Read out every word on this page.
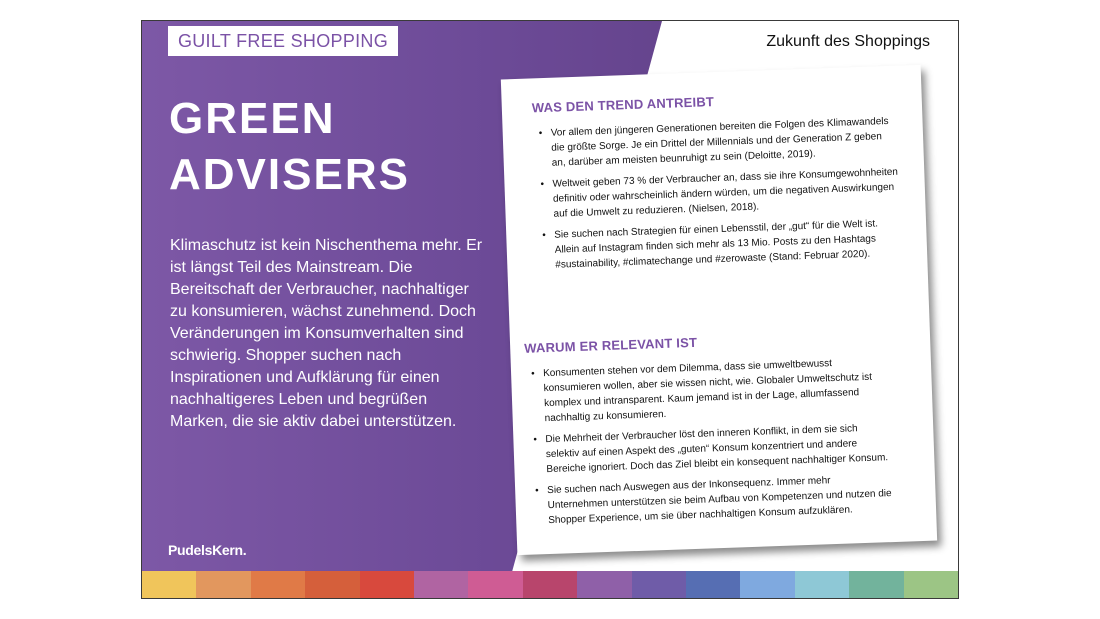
GUILT FREE SHOPPING	Zukunft des Shoppings
GREEN
ADVISERS

Klimaschutz ist kein Nischenthema mehr. Er ist längst Teil des Mainstream. Die Bereitschaft der Verbraucher, nachhaltiger zu konsumieren, wächst zunehmend. Doch Veränderungen im Konsumverhalten sind schwierig. Shopper suchen nach Inspirationen und Aufklärung für einen nachhaltigeres Leben und begrüßen Marken, die sie aktiv dabei unterstützen.

PudelsKern.
WAS DEN TREND ANTREIBT
• Vor allem den jüngeren Generationen bereiten die Folgen des Klimawandels die größte Sorge. Je ein Drittel der Millennials und der Generation Z geben an, darüber am meisten beunruhigt zu sein (Deloitte, 2019).
• Weltweit geben 73 % der Verbraucher an, dass sie ihre Konsumgewohnheiten definitiv oder wahrscheinlich ändern würden, um die negativen Auswirkungen auf die Umwelt zu reduzieren. (Nielsen, 2018).
• Sie suchen nach Strategien für einen Lebensstil, der „gut“ für die Welt ist. Allein auf Instagram finden sich mehr als 13 Mio. Posts zu den Hashtags #sustainability, #climatechange und #zerowaste (Stand: Februar 2020).
WARUM ER RELEVANT IST
• Konsumenten stehen vor dem Dilemma, dass sie umweltbewusst konsumieren wollen, aber sie wissen nicht, wie. Globaler Umweltschutz ist komplex und intransparent. Kaum jemand ist in der Lage, allumfassend nachhaltig zu konsumieren.
• Die Mehrheit der Verbraucher löst den inneren Konflikt, in dem sie sich selektiv auf einen Aspekt des „guten“ Konsum konzentriert und andere Bereiche ignoriert. Doch das Ziel bleibt ein konsequent nachhaltiger Konsum.
• Sie suchen nach Auswegen aus der Inkonsequenz. Immer mehr Unternehmen unterstützen sie beim Aufbau von Kompetenzen und nutzen die Shopper Experience, um sie über nachhaltigen Konsum aufzuklären.
